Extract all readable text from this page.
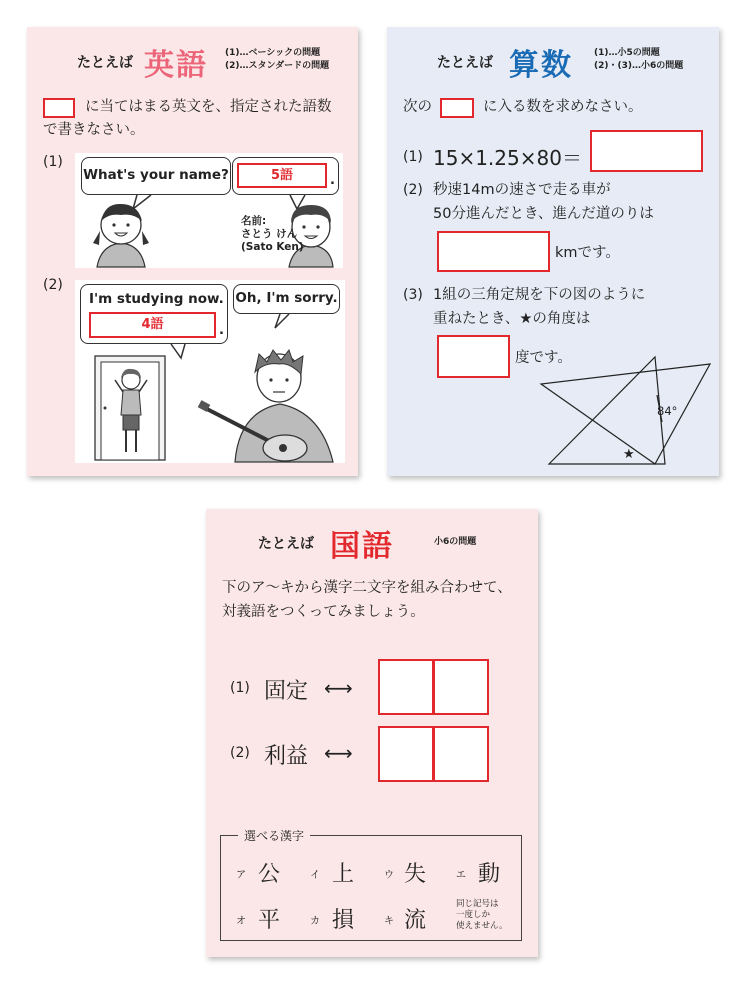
たとえば 英語 (1)…ベーシックの問題
(2)…スタンダードの問題
に当てはまる英文を、指定された語数
で書きなさい。
(1)
What's your name?	5語	.
名前:
さとう けん
(Sato Ken)
(2)
I'm studying now.
4語	.
Oh, I'm sorry.
たとえば 算数 (1)…小5の問題
(2)・(3)…小6の問題
次の	に入る数を求めなさい。
(1) 15×1.25×80＝
(2) 秒速14mの速さで走る車が
50分進んだとき、進んだ道のりは
kmです。
(3) 1組の三角定規を下の図のように
重ねたとき、★の角度は
度です。
84°
★
たとえば 国語	小6の問題
下のア～キから漢字二文字を組み合わせて、
対義語をつくってみましょう。
(1) 固定 ⟷
(2) 利益 ⟷
選べる漢字
ア 公	イ 上	ウ 失	エ 動
オ 平	カ 損	キ 流
同じ記号は
一度しか
使えません。
